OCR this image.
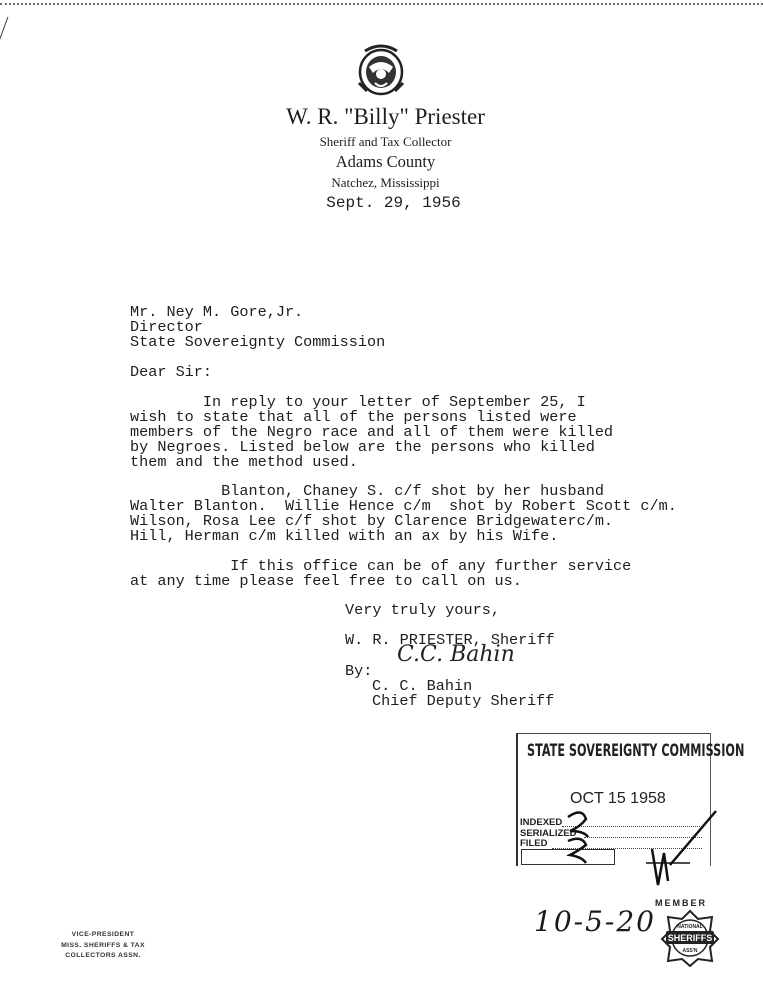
W. R. "Billy" Priester
Sheriff and Tax Collector
Adams County
Natchez, Mississippi
Sept. 29, 1956
Mr. Ney M. Gore,Jr.
Director
State Sovereignty Commission
Dear Sir:
In reply to your letter of September 25, I
wish to state that all of the persons listed were
members of the Negro race and all of them were killed
by Negroes. Listed below are the persons who killed
them and the method used.
Blanton, Chaney S. c/f shot by her husband
Walter Blanton.  Willie Hence c/m  shot by Robert Scott c/m.
Wilson, Rosa Lee c/f shot by Clarence Bridgewaterc/m.
Hill, Herman c/m killed with an ax by his Wife.
If this office can be of any further service
at any time please feel free to call on us.
Very truly yours,
W. R. PRIESTER, Sheriff
By:
C.C. Bahin
C. C. Bahin
Chief Deputy Sheriff
STATE SOVEREIGNTY COMMISSION
OCT 15 1958
INDEXED
SERIALIZED
FILED
MEMBER
10-5-20 SHERIFFS
NATIONAL
ASS'N
VICE-PRESIDENT
MISS. SHERIFFS & TAX
COLLECTORS ASSN.
